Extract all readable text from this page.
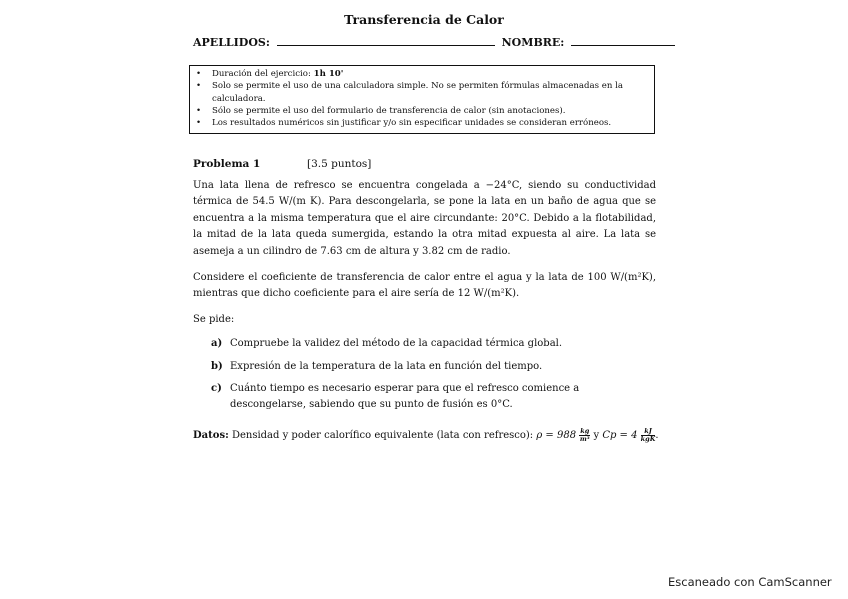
Transferencia de Calor
APELLIDOS:	NOMBRE:
• Duración del ejercicio: 1h 10'
• Solo se permite el uso de una calculadora simple. No se permiten fórmulas almacenadas en la calculadora.
• Sólo se permite el uso del formulario de transferencia de calor (sin anotaciones).
• Los resultados numéricos sin justificar y/o sin especificar unidades se consideran erróneos.
Problema 1	[3.5 puntos]
Una lata llena de refresco se encuentra congelada a −24°C, siendo su conductividad térmica de 54.5 W/(m K). Para descongelarla, se pone la lata en un baño de agua que se encuentra a la misma temperatura que el aire circundante: 20°C. Debido a la flotabilidad, la mitad de la lata queda sumergida, estando la otra mitad expuesta al aire. La lata se asemeja a un cilindro de 7.63 cm de altura y 3.82 cm de radio.
Considere el coeficiente de transferencia de calor entre el agua y la lata de 100 W/(m²K), mientras que dicho coeficiente para el aire sería de 12 W/(m²K).
Se pide:
a) Compruebe la validez del método de la capacidad térmica global.
b) Expresión de la temperatura de la lata en función del tiempo.
c) Cuánto tiempo es necesario esperar para que el refresco comience a descongelarse, sabiendo que su punto de fusión es 0°C.
Datos: Densidad y poder calorífico equivalente (lata con refresco): $\rho = 988 \frac{kg}{\text{m³}}$ y $Cp = 4 \frac{kJ}{\text{kgK}}$ .
Escaneado con CamScanner
